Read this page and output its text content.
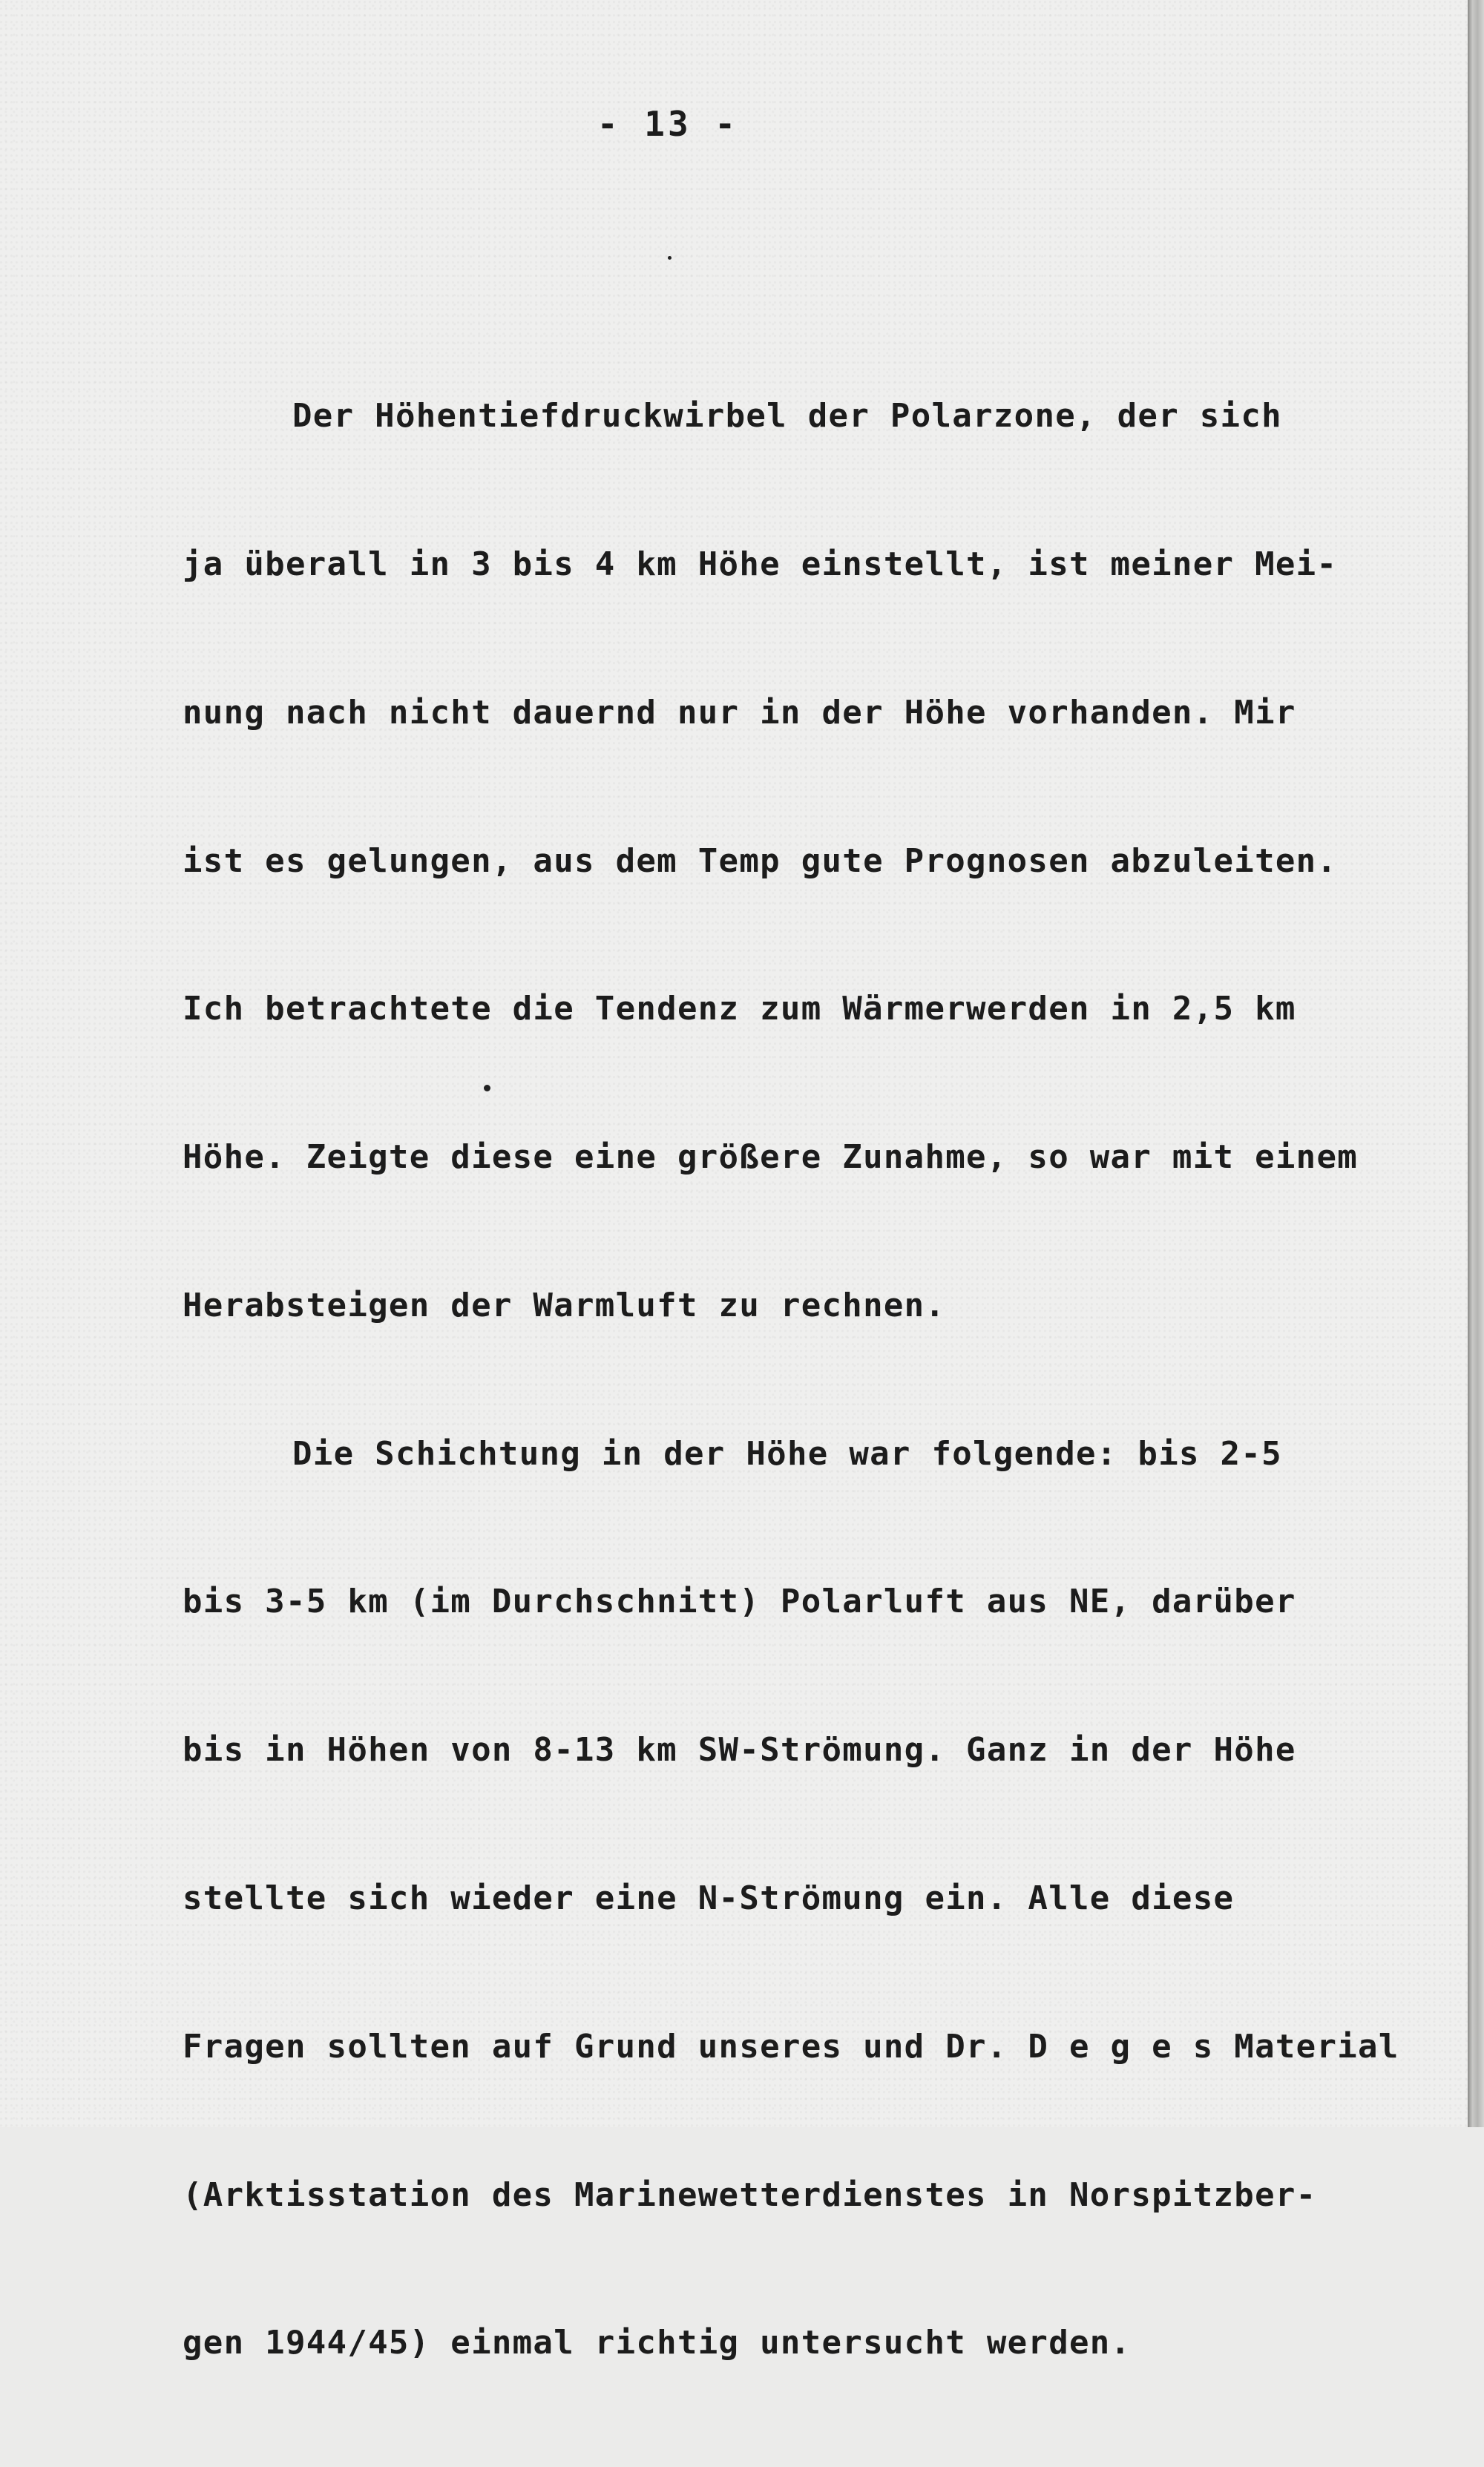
- 13 -

Der Höhentiefdruckwirbel der Polarzone, der sich

ja überall in 3 bis 4 km Höhe einstellt, ist meiner Mei-

nung nach nicht dauernd nur in der Höhe vorhanden. Mir

ist es gelungen, aus dem Temp gute Prognosen abzuleiten.

Ich betrachtete die Tendenz zum Wärmerwerden in 2,5 km

Höhe. Zeigte diese eine größere Zunahme, so war mit einem

Herabsteigen der Warmluft zu rechnen.

Die Schichtung in der Höhe war folgende: bis 2-5

bis 3-5 km (im Durchschnitt) Polarluft aus NE, darüber

bis in Höhen von 8-13 km SW-Strömung. Ganz in der Höhe

stellte sich wieder eine N-Strömung ein. Alle diese

Fragen sollten auf Grund unseres und Dr. D e g e s Material

(Arktisstation des Marinewetterdienstes in Norspitzber-

gen 1944/45) einmal richtig untersucht werden.
